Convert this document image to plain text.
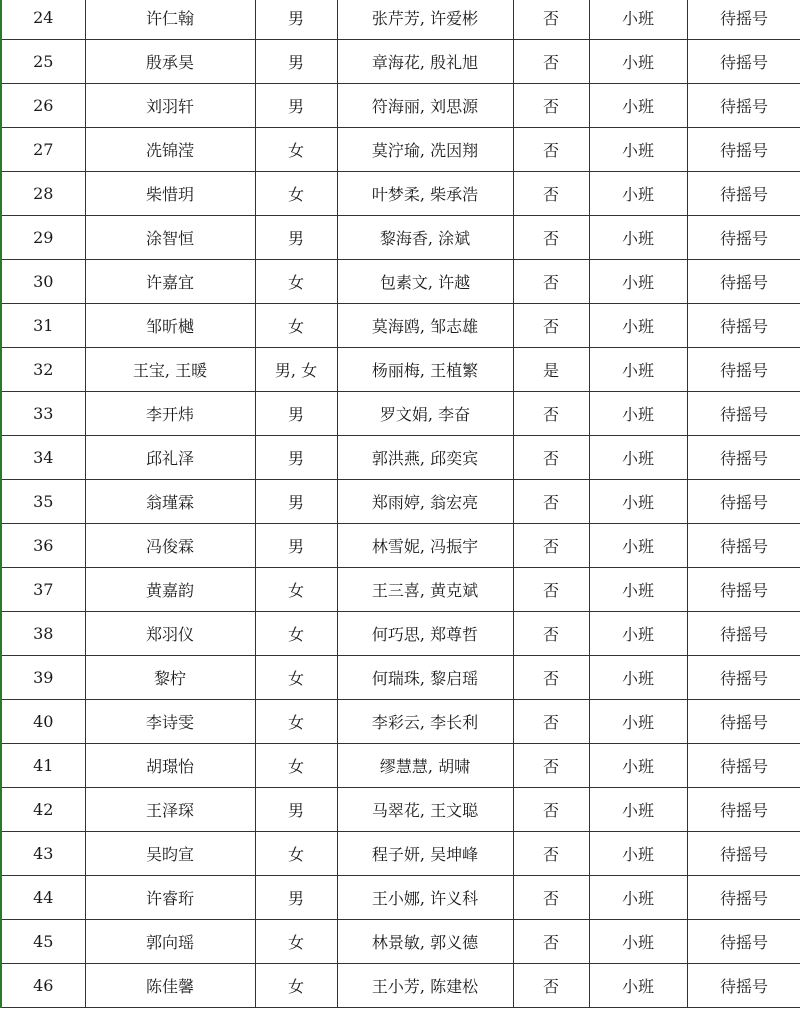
24	许仁翰	男	张芹芳, 许爱彬	否	小班	待摇号
25	殷承昊	男	章海花, 殷礼旭	否	小班	待摇号
26	刘羽轩	男	符海丽, 刘思源	否	小班	待摇号
27	冼锦滢	女	莫泞瑜, 冼因翔	否	小班	待摇号
28	柴惜玥	女	叶梦柔, 柴承浩	否	小班	待摇号
29	涂智恒	男	黎海香, 涂斌	否	小班	待摇号
30	许嘉宜	女	包素文, 许越	否	小班	待摇号
31	邹昕樾	女	莫海鸥, 邹志雄	否	小班	待摇号
32	王宝, 王暖	男, 女	杨丽梅, 王植繁	是	小班	待摇号
33	李开炜	男	罗文娟, 李奋	否	小班	待摇号
34	邱礼泽	男	郭洪燕, 邱奕宾	否	小班	待摇号
35	翁瑾霖	男	郑雨婷, 翁宏亮	否	小班	待摇号
36	冯俊霖	男	林雪妮, 冯振宇	否	小班	待摇号
37	黄嘉韵	女	王三喜, 黄克斌	否	小班	待摇号
38	郑羽仪	女	何巧思, 郑尊哲	否	小班	待摇号
39	黎柠	女	何瑞珠, 黎启瑶	否	小班	待摇号
40	李诗雯	女	李彩云, 李长利	否	小班	待摇号
41	胡璟怡	女	缪慧慧, 胡啸	否	小班	待摇号
42	王泽琛	男	马翠花, 王文聪	否	小班	待摇号
43	吴昀宣	女	程子妍, 吴坤峰	否	小班	待摇号
44	许睿珩	男	王小娜, 许义科	否	小班	待摇号
45	郭向瑶	女	林景敏, 郭义德	否	小班	待摇号
46	陈佳馨	女	王小芳, 陈建松	否	小班	待摇号
